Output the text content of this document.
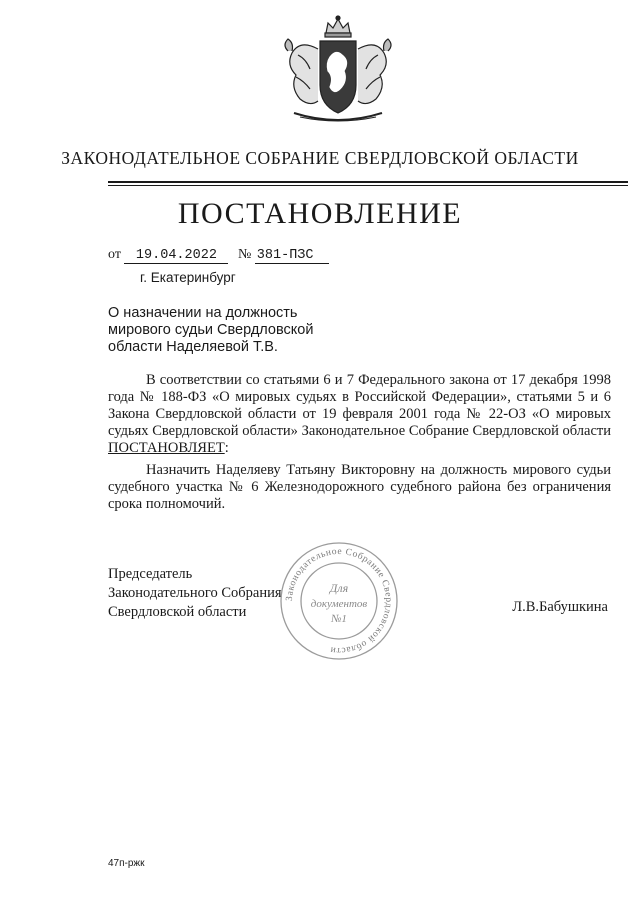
ЗАКОНОДАТЕЛЬНОЕ СОБРАНИЕ СВЕРДЛОВСКОЙ ОБЛАСТИ
ПОСТАНОВЛЕНИЕ
от 19.04.2022 № 381-ПЗС
г. Екатеринбург
О назначении на должность
мирового судьи Свердловской
области Наделяевой Т.В.

В соответствии со статьями 6 и 7 Федерального закона от 17 декабря 1998 года № 188-ФЗ «О мировых судьях в Российской Федерации», статьями 5 и 6 Закона Свердловской области от 19 февраля 2001 года № 22-ОЗ «О мировых судьях Свердловской области» Законодательное Собрание Свердловской области ПОСТАНОВЛЯЕТ:

Назначить Наделяеву Татьяну Викторовну на должность мирового судьи судебного участка № 6 Железнодорожного судебного района без ограничения срока полномочий.

Председатель
Законодательного Собрания
Свердловской области
Законодательное Собрание Свердловской области
Для
документов
№1
Л.В.Бабушкина
47п-ржк
